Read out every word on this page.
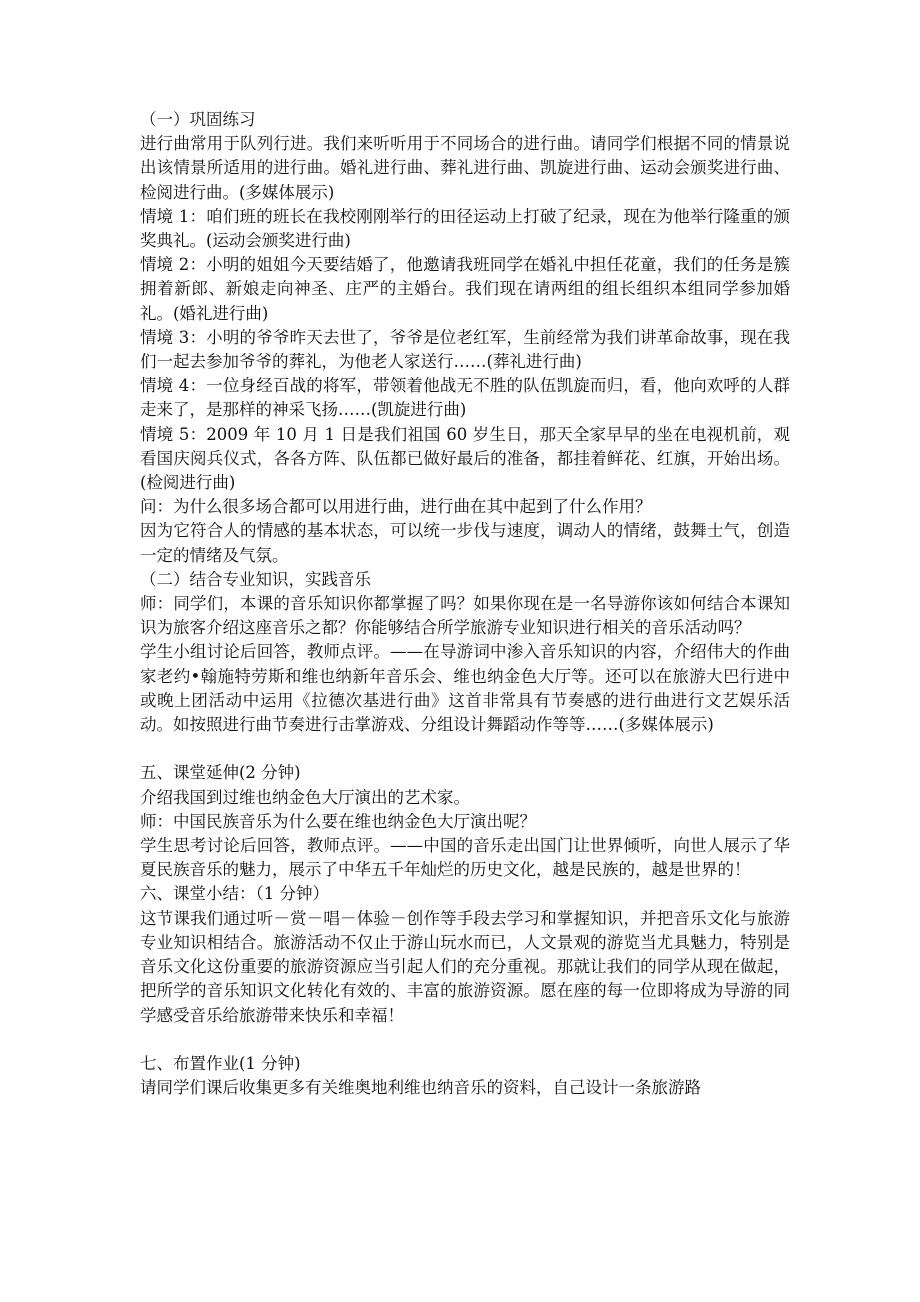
（一）巩固练习

进行曲常用于队列行进。我们来听听用于不同场合的进行曲。请同学们根据不同的情景说出该情景所适用的进行曲。婚礼进行曲、葬礼进行曲、凯旋进行曲、运动会颁奖进行曲、检阅进行曲。(多媒体展示)

情境 1：咱们班的班长在我校刚刚举行的田径运动上打破了纪录，现在为他举行隆重的颁奖典礼。(运动会颁奖进行曲)

情境 2：小明的姐姐今天要结婚了，他邀请我班同学在婚礼中担任花童，我们的任务是簇拥着新郎、新娘走向神圣、庄严的主婚台。我们现在请两组的组长组织本组同学参加婚礼。(婚礼进行曲)

情境 3：小明的爷爷昨天去世了，爷爷是位老红军，生前经常为我们讲革命故事，现在我们一起去参加爷爷的葬礼，为他老人家送行……(葬礼进行曲)

情境 4：一位身经百战的将军，带领着他战无不胜的队伍凯旋而归，看，他向欢呼的人群走来了，是那样的神采飞扬……(凯旋进行曲)

情境 5：2009 年 10 月 1 日是我们祖国 60 岁生日，那天全家早早的坐在电视机前，观看国庆阅兵仪式，各各方阵、队伍都已做好最后的准备，都挂着鲜花、红旗，开始出场。(检阅进行曲)

问：为什么很多场合都可以用进行曲，进行曲在其中起到了什么作用？

因为它符合人的情感的基本状态，可以统一步伐与速度，调动人的情绪，鼓舞士气，创造一定的情绪及气氛。

（二）结合专业知识，实践音乐

师：同学们，本课的音乐知识你都掌握了吗？如果你现在是一名导游你该如何结合本课知识为旅客介绍这座音乐之都？你能够结合所学旅游专业知识进行相关的音乐活动吗？

学生小组讨论后回答，教师点评。——在导游词中渗入音乐知识的内容，介绍伟大的作曲家老约•翰施特劳斯和维也纳新年音乐会、维也纳金色大厅等。还可以在旅游大巴行进中或晚上团活动中运用《拉德次基进行曲》这首非常具有节奏感的进行曲进行文艺娱乐活动。如按照进行曲节奏进行击掌游戏、分组设计舞蹈动作等等……(多媒体展示)

五、课堂延伸(2 分钟)

介绍我国到过维也纳金色大厅演出的艺术家。

师：中国民族音乐为什么要在维也纳金色大厅演出呢？

学生思考讨论后回答，教师点评。——中国的音乐走出国门让世界倾听，向世人展示了华夏民族音乐的魅力，展示了中华五千年灿烂的历史文化，越是民族的，越是世界的！

六、课堂小结：（1 分钟）

这节课我们通过听－赏－唱－体验－创作等手段去学习和掌握知识，并把音乐文化与旅游专业知识相结合。旅游活动不仅止于游山玩水而已，人文景观的游览当尤具魅力，特别是音乐文化这份重要的旅游资源应当引起人们的充分重视。那就让我们的同学从现在做起，把所学的音乐知识文化转化有效的、丰富的旅游资源。愿在座的每一位即将成为导游的同学感受音乐给旅游带来快乐和幸福！

七、布置作业(1 分钟)

请同学们课后收集更多有关维奥地利维也纳音乐的资料，自己设计一条旅游路
